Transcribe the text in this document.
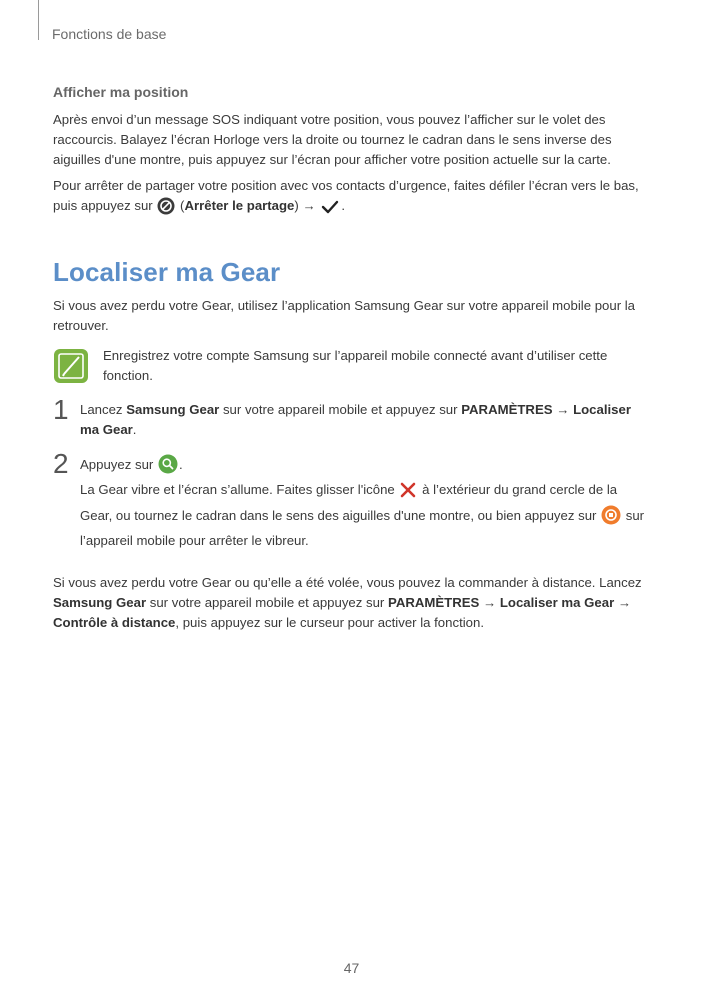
Fonctions de base
Afficher ma position

Après envoi d’un message SOS indiquant votre position, vous pouvez l’afficher sur le volet des raccourcis. Balayez l’écran Horloge vers la droite ou tournez le cadran dans le sens inverse des aiguilles d'une montre, puis appuyez sur l’écran pour afficher votre position actuelle sur la carte.

Pour arrêter de partager votre position avec vos contacts d’urgence, faites défiler l’écran vers le bas, puis appuyez sur  (Arrêter le partage) → .

Localiser ma Gear

Si vous avez perdu votre Gear, utilisez l’application Samsung Gear sur votre appareil mobile pour la retrouver.

Enregistrez votre compte Samsung sur l’appareil mobile connecté avant d’utiliser cette fonction.

1 Lancez Samsung Gear sur votre appareil mobile et appuyez sur PARAMÈTRES → Localiser ma Gear.

2 Appuyez sur .

La Gear vibre et l’écran s’allume. Faites glisser l'icône  à l’extérieur du grand cercle de la Gear, ou tournez le cadran dans le sens des aiguilles d'une montre, ou bien appuyez sur  sur l’appareil mobile pour arrêter le vibreur.

Si vous avez perdu votre Gear ou qu’elle a été volée, vous pouvez la commander à distance. Lancez Samsung Gear sur votre appareil mobile et appuyez sur PARAMÈTRES → Localiser ma Gear → Contrôle à distance, puis appuyez sur le curseur pour activer la fonction.

47
